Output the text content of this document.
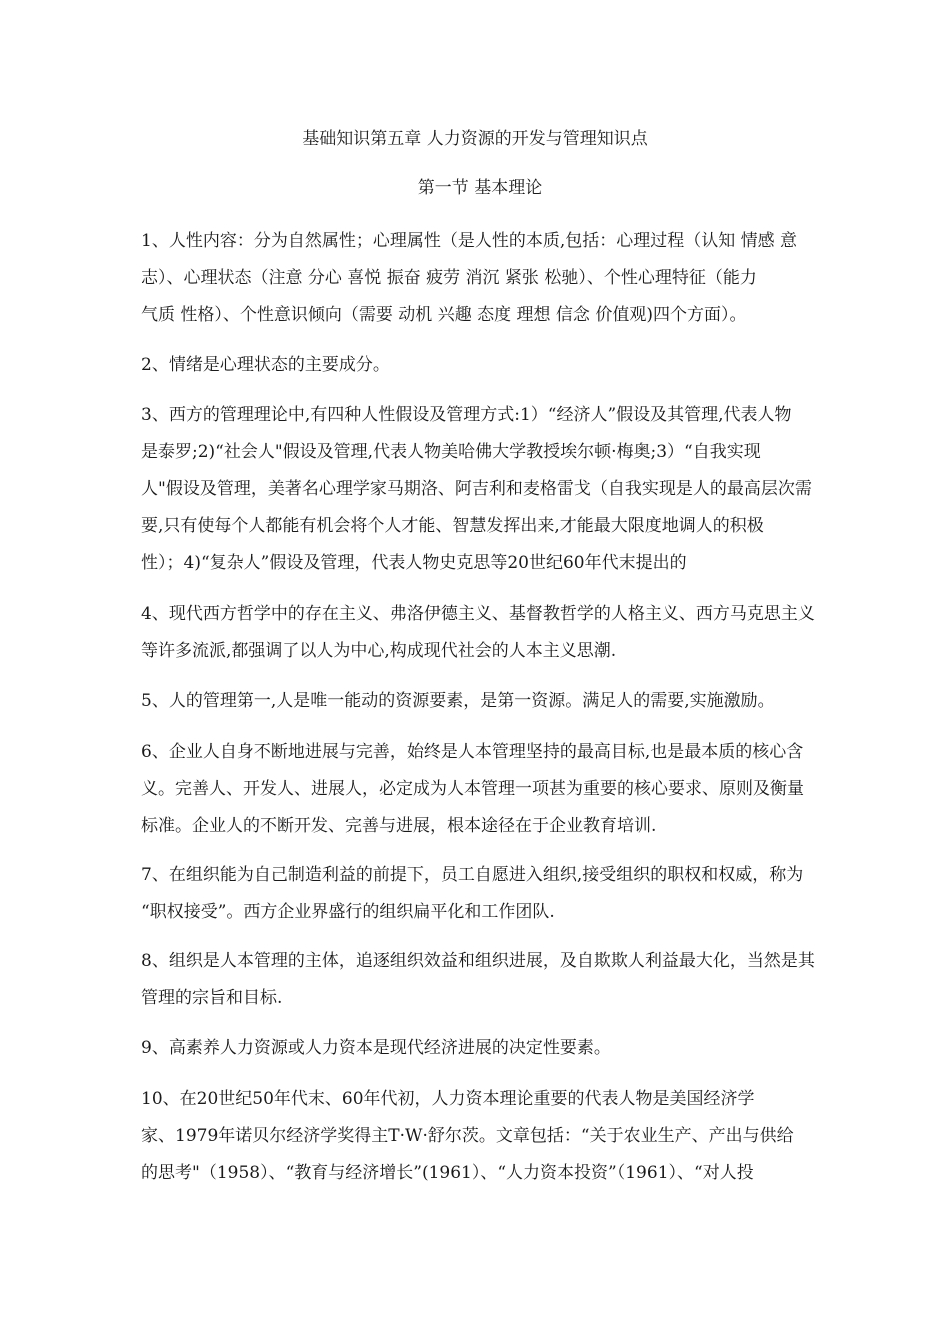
基础知识第五章 人力资源的开发与管理知识点
第一节 基本理论
1、人性内容：分为自然属性；心理属性（是人性的本质,包括：心理过程（认知 情感 意
志）、心理状态（注意 分心 喜悦 振奋 疲劳 消沉 紧张 松驰）、个性心理特征（能力
气质 性格）、个性意识倾向（需要 动机 兴趣 态度 理想 信念 价值观)四个方面）。
2、情绪是心理状态的主要成分。
3、西方的管理理论中,有四种人性假设及管理方式:1）“经济人”假设及其管理,代表人物
是泰罗;2)“社会人"假设及管理,代表人物美哈佛大学教授埃尔顿·梅奥;3）“自我实现
人"假设及管理，美著名心理学家马期洛、阿吉利和麦格雷戈（自我实现是人的最高层次需
要,只有使每个人都能有机会将个人才能、智慧发挥出来,才能最大限度地调人的积极
性）；4)“复杂人”假设及管理，代表人物史克思等20世纪60年代末提出的
4、现代西方哲学中的存在主义、弗洛伊德主义、基督教哲学的人格主义、西方马克思主义
等许多流派,都强调了以人为中心,构成现代社会的人本主义思潮.
5、人的管理第一,人是唯一能动的资源要素，是第一资源。满足人的需要,实施激励。
6、企业人自身不断地进展与完善，始终是人本管理坚持的最高目标,也是最本质的核心含
义。完善人、开发人、进展人，必定成为人本管理一项甚为重要的核心要求、原则及衡量
标准。企业人的不断开发、完善与进展，根本途径在于企业教育培训.
7、在组织能为自己制造利益的前提下，员工自愿进入组织,接受组织的职权和权威，称为
“职权接受”。西方企业界盛行的组织扁平化和工作团队.
8、组织是人本管理的主体，追逐组织效益和组织进展，及自欺欺人利益最大化，当然是其
管理的宗旨和目标.
9、高素养人力资源或人力资本是现代经济进展的决定性要素。
10、在20世纪50年代末、60年代初，人力资本理论重要的代表人物是美国经济学
家、1979年诺贝尔经济学奖得主T·W·舒尔茨。文章包括：“关于农业生产、产出与供给
的思考"（1958）、“教育与经济增长”(1961）、“人力资本投资”（1961）、“对人投
